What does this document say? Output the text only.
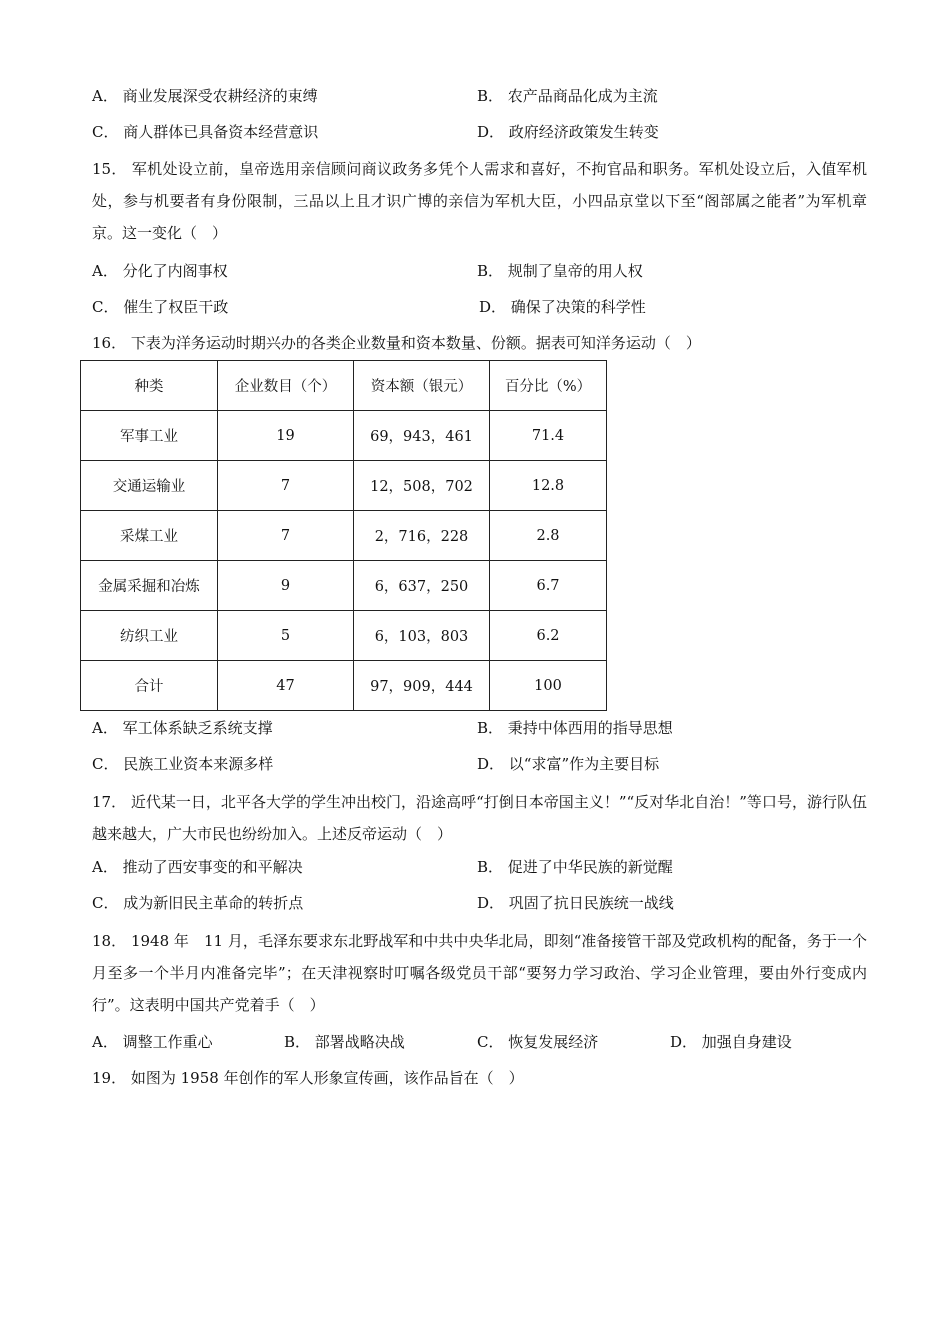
A． 商业发展深受农耕经济的束缚	B． 农产品商品化成为主流
C． 商人群体已具备资本经营意识	D． 政府经济政策发生转变
15． 军机处设立前，皇帝选用亲信顾问商议政务多凭个人需求和喜好，不拘官品和职务。军机处设立后，入值军机处，参与机要者有身份限制，三品以上且才识广博的亲信为军机大臣，小四品京堂以下至“阁部属之能者”为军机章京。这一变化（　）
A． 分化了内阁事权	B． 规制了皇帝的用人权
C． 催生了权臣干政	D． 确保了决策的科学性
16． 下表为洋务运动时期兴办的各类企业数量和资本数量、份额。据表可知洋务运动（　）
种类	企业数目（个）	资本额（银元）	百分比（%）
军事工业	19	69，943，461	71.4
交通运输业	7	12，508，702	12.8
采煤工业	7	2，716，228	2.8
金属采掘和冶炼	9	6，637，250	6.7
纺织工业	5	6，103，803	6.2
合计	47	97，909，444	100
A． 军工体系缺乏系统支撑	B． 秉持中体西用的指导思想
C． 民族工业资本来源多样	D． 以“求富”作为主要目标
17． 近代某一日，北平各大学的学生冲出校门，沿途高呼“打倒日本帝国主义！”“反对华北自治！”等口号，游行队伍越来越大，广大市民也纷纷加入。上述反帝运动（　）
A． 推动了西安事变的和平解决	B． 促进了中华民族的新觉醒
C． 成为新旧民主革命的转折点	D． 巩固了抗日民族统一战线
18． 1948 年　11 月，毛泽东要求东北野战军和中共中央华北局，即刻“准备接管干部及党政机构的配备，务于一个月至多一个半月内准备完毕”；在天津视察时叮嘱各级党员干部“要努力学习政治、学习企业管理，要由外行变成内行”。这表明中国共产党着手（　）
A． 调整工作重心	B． 部署战略决战	C． 恢复发展经济	D． 加强自身建设
19． 如图为 1958 年创作的军人形象宣传画，该作品旨在（　）
